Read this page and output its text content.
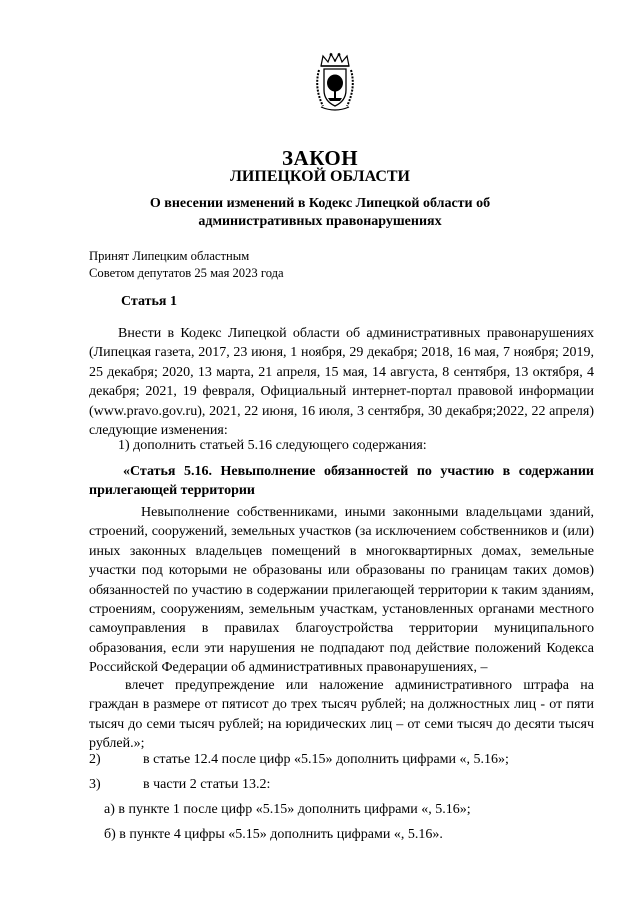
ЗАКОН
ЛИПЕЦКОЙ ОБЛАСТИ
О внесении изменений в Кодекс Липецкой области об
административных правонарушениях
Принят Липецким областным
Советом депутатов 25 мая 2023 года
Статья 1
Внести в Кодекс Липецкой области об административных правонарушениях (Липецкая газета, 2017, 23 июня, 1 ноября, 29 декабря; 2018, 16 мая, 7 ноября; 2019, 25 декабря; 2020, 13 марта, 21 апреля, 15 мая, 14 августа, 8 сентября, 13 октября, 4 декабря; 2021, 19 февраля, Официальный интернет-портал правовой информации (www.pravo.gov.ru), 2021, 22 июня, 16 июля, 3 сентября, 30 декабря;2022, 22 апреля) следующие изменения:
1) дополнить статьей 5.16 следующего содержания:
«Статья 5.16. Невыполнение обязанностей по участию в содержании прилегающей территории
Невыполнение собственниками, иными законными владельцами зданий, строений, сооружений, земельных участков (за исключением собственников и (или) иных законных владельцев помещений в многоквартирных домах, земельные участки под которыми не образованы или образованы по границам таких домов) обязанностей по участию в содержании прилегающей территории к таким зданиям, строениям, сооружениям, земельным участкам, установленных органами местного самоуправления в правилах благоустройства территории муниципального образования, если эти нарушения не подпадают под действие положений Кодекса Российской Федерации об административных правонарушениях, –
влечет предупреждение или наложение административного штрафа на граждан в размере от пятисот до трех тысяч рублей; на должностных лиц - от пяти тысяч до семи тысяч рублей; на юридических лиц – от семи тысяч до десяти тысяч рублей.»;
2)	в статье 12.4 после цифр «5.15» дополнить цифрами «, 5.16»;
3)	в части 2 статьи 13.2:
а) в пункте 1 после цифр «5.15» дополнить цифрами «, 5.16»;
б) в пункте 4 цифры «5.15» дополнить цифрами «, 5.16».
